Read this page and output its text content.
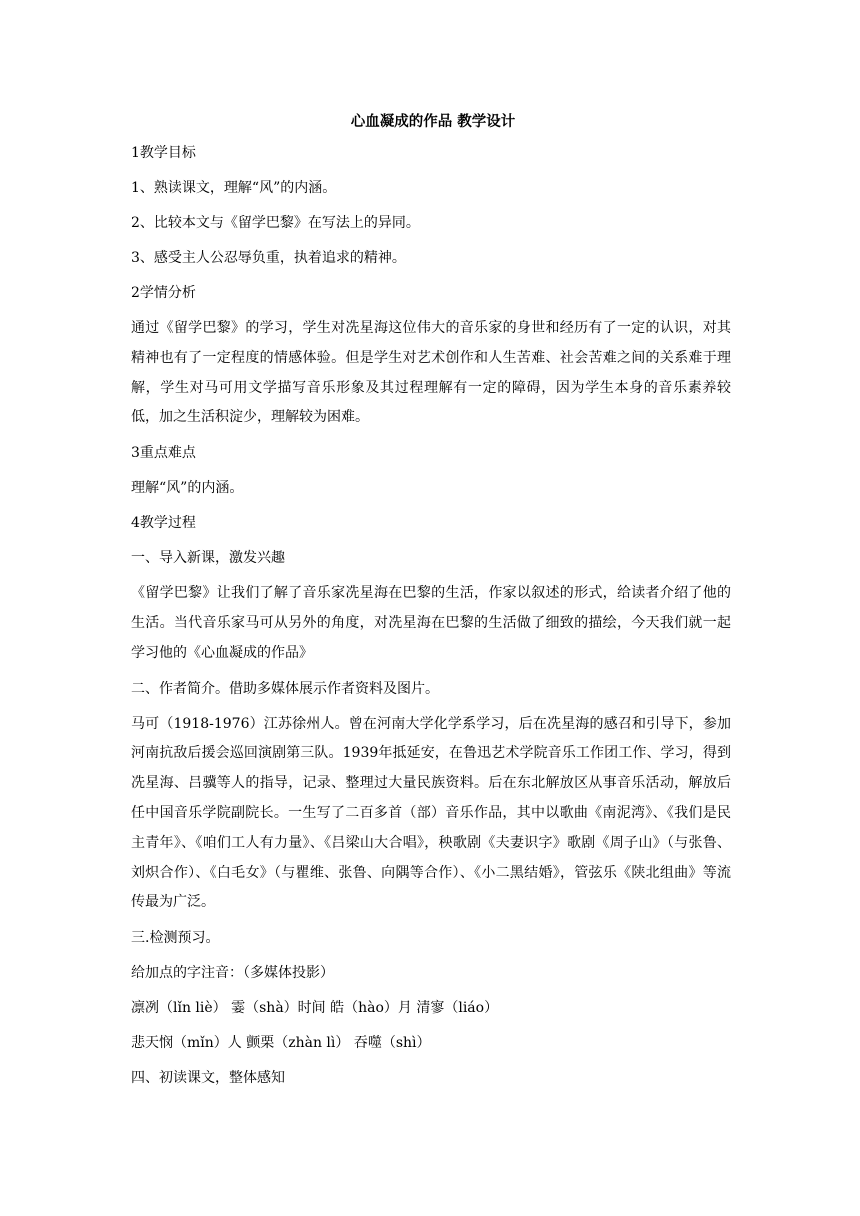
心血凝成的作品 教学设计
1教学目标
1、熟读课文，理解“风”的内涵。
2、比较本文与《留学巴黎》在写法上的异同。
3、感受主人公忍辱负重，执着追求的精神。
2学情分析
通过《留学巴黎》的学习，学生对冼星海这位伟大的音乐家的身世和经历有了一定的认识，对其精神也有了一定程度的情感体验。但是学生对艺术创作和人生苦难、社会苦难之间的关系难于理解，学生对马可用文学描写音乐形象及其过程理解有一定的障碍，因为学生本身的音乐素养较低，加之生活积淀少，理解较为困难。
3重点难点
理解“风”的内涵。
4教学过程
一、导入新课，激发兴趣
《留学巴黎》让我们了解了音乐家冼星海在巴黎的生活，作家以叙述的形式，给读者介绍了他的生活。当代音乐家马可从另外的角度，对冼星海在巴黎的生活做了细致的描绘，今天我们就一起学习他的《心血凝成的作品》
二、作者简介。借助多媒体展示作者资料及图片。
马可（1918-1976）江苏徐州人。曾在河南大学化学系学习，后在冼星海的感召和引导下，参加河南抗敌后援会巡回演剧第三队。1939年抵延安，在鲁迅艺术学院音乐工作团工作、学习，得到冼星海、吕骥等人的指导，记录、整理过大量民族资料。后在东北解放区从事音乐活动，解放后任中国音乐学院副院长。一生写了二百多首（部）音乐作品，其中以歌曲《南泥湾》、《我们是民主青年》、《咱们工人有力量》、《吕梁山大合唱》，秧歌剧《夫妻识字》歌剧《周子山》（与张鲁、刘炽合作）、《白毛女》（与瞿维、张鲁、向隅等合作）、《小二黑结婚》，管弦乐《陕北组曲》等流传最为广泛。
三.检测预习。
给加点的字注音：（多媒体投影）
凛冽（lǐn liè） 霎（shà）时间 皓（hào）月 清寥（liáo）
悲天悯（mǐn）人 颤栗（zhàn lì） 吞噬（shì）
四、初读课文，整体感知
